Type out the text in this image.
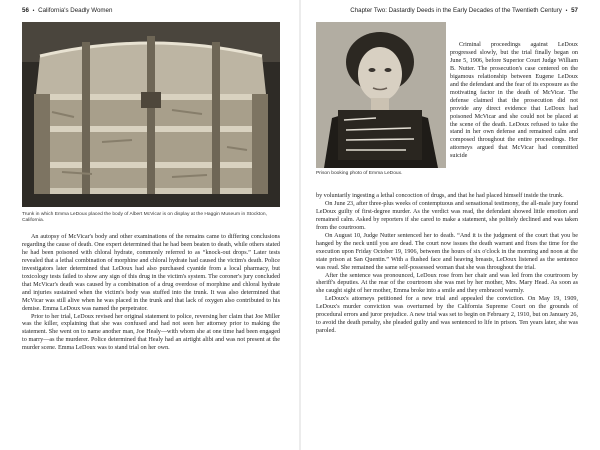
56 • California's Deadly Women
Trunk in which Emma LeDoux placed the body of Albert McVicar is on display at the Haggin Museum in Stockton, California.

An autopsy of McVicar's body and other examinations of the remains came to differing conclusions regarding the cause of death. One expert determined that he had been beaten to death, while others stated he had been poisoned with chloral hydrate, commonly referred to as “knock-out drops.” Later tests revealed that a lethal combination of morphine and chloral hydrate had caused the victim's death. Police investigators later determined that LeDoux had also purchased cyanide from a local pharmacy, but toxicology tests failed to show any sign of this drug in the victim's system. The coroner's jury concluded that McVicar's death was caused by a combination of a drug overdose of morphine and chloral hydrate and injuries sustained when the victim's body was stuffed into the trunk. It was also determined that McVicar was still alive when he was placed in the trunk and that lack of oxygen also contributed to his demise. Emma LeDoux was named the perpetrator.

Prior to her trial, LeDoux revised her original statement to police, reversing her claim that Joe Miller was the killer, explaining that she was confused and had not seen her attorney prior to making the statement. She went on to name another man, Joe Healy—with whom she at one time had been engaged to marry—as the murderer. Police determined that Healy had an airtight alibi and was not present at the murder scene. Emma LeDoux was to stand trial on her own.

Chapter Two: Dastardly Deeds in the Early Decades of the Twentieth Century • 57
Prison booking photo of Emma LeDoux.

Criminal proceedings against LeDoux progressed slowly, but the trial finally began on June 5, 1906, before Superior Court Judge William B. Nutter. The prosecution's case centered on the bigamous relationship between Eugene LeDoux and the defendant and the fear of its exposure as the motivating factor in the death of McVicar. The defense claimed that the prosecution did not provide any direct evidence that LeDoux had poisoned McVicar and she could not be placed at the scene of the death. LeDoux refused to take the stand in her own defense and remained calm and composed throughout the entire proceedings. Her attorneys argued that McVicar had committed suicide

by voluntarily ingesting a lethal concoction of drugs, and that he had placed himself inside the trunk.

On June 23, after three-plus weeks of contemptuous and sensational testimony, the all-male jury found LeDoux guilty of first-degree murder. As the verdict was read, the defendant showed little emotion and remained calm. Asked by reporters if she cared to make a statement, she politely declined and was taken from the courtroom.

On August 10, Judge Nutter sentenced her to death. “And it is the judgment of the court that you be hanged by the neck until you are dead. The court now issues the death warrant and fixes the time for the execution upon Friday October 19, 1906, between the hours of six o'clock in the morning and noon at the state prison at San Quentin.” With a flushed face and heaving breasts, LeDoux listened as the sentence was read. She remained the same self-possessed woman that she was throughout the trial.

After the sentence was pronounced, LeDoux rose from her chair and was led from the courtroom by sheriff's deputies. At the rear of the courtroom she was met by her mother, Mrs. Mary Head. As soon as she caught sight of her mother, Emma broke into a smile and they embraced warmly.

LeDoux's attorneys petitioned for a new trial and appealed the conviction. On May 19, 1909, LeDoux's murder conviction was overturned by the California Supreme Court on the grounds of procedural errors and juror prejudice. A new trial was set to begin on February 2, 1910, but on January 26, to avoid the death penalty, she pleaded guilty and was sentenced to life in prison. Ten years later, she was paroled.
